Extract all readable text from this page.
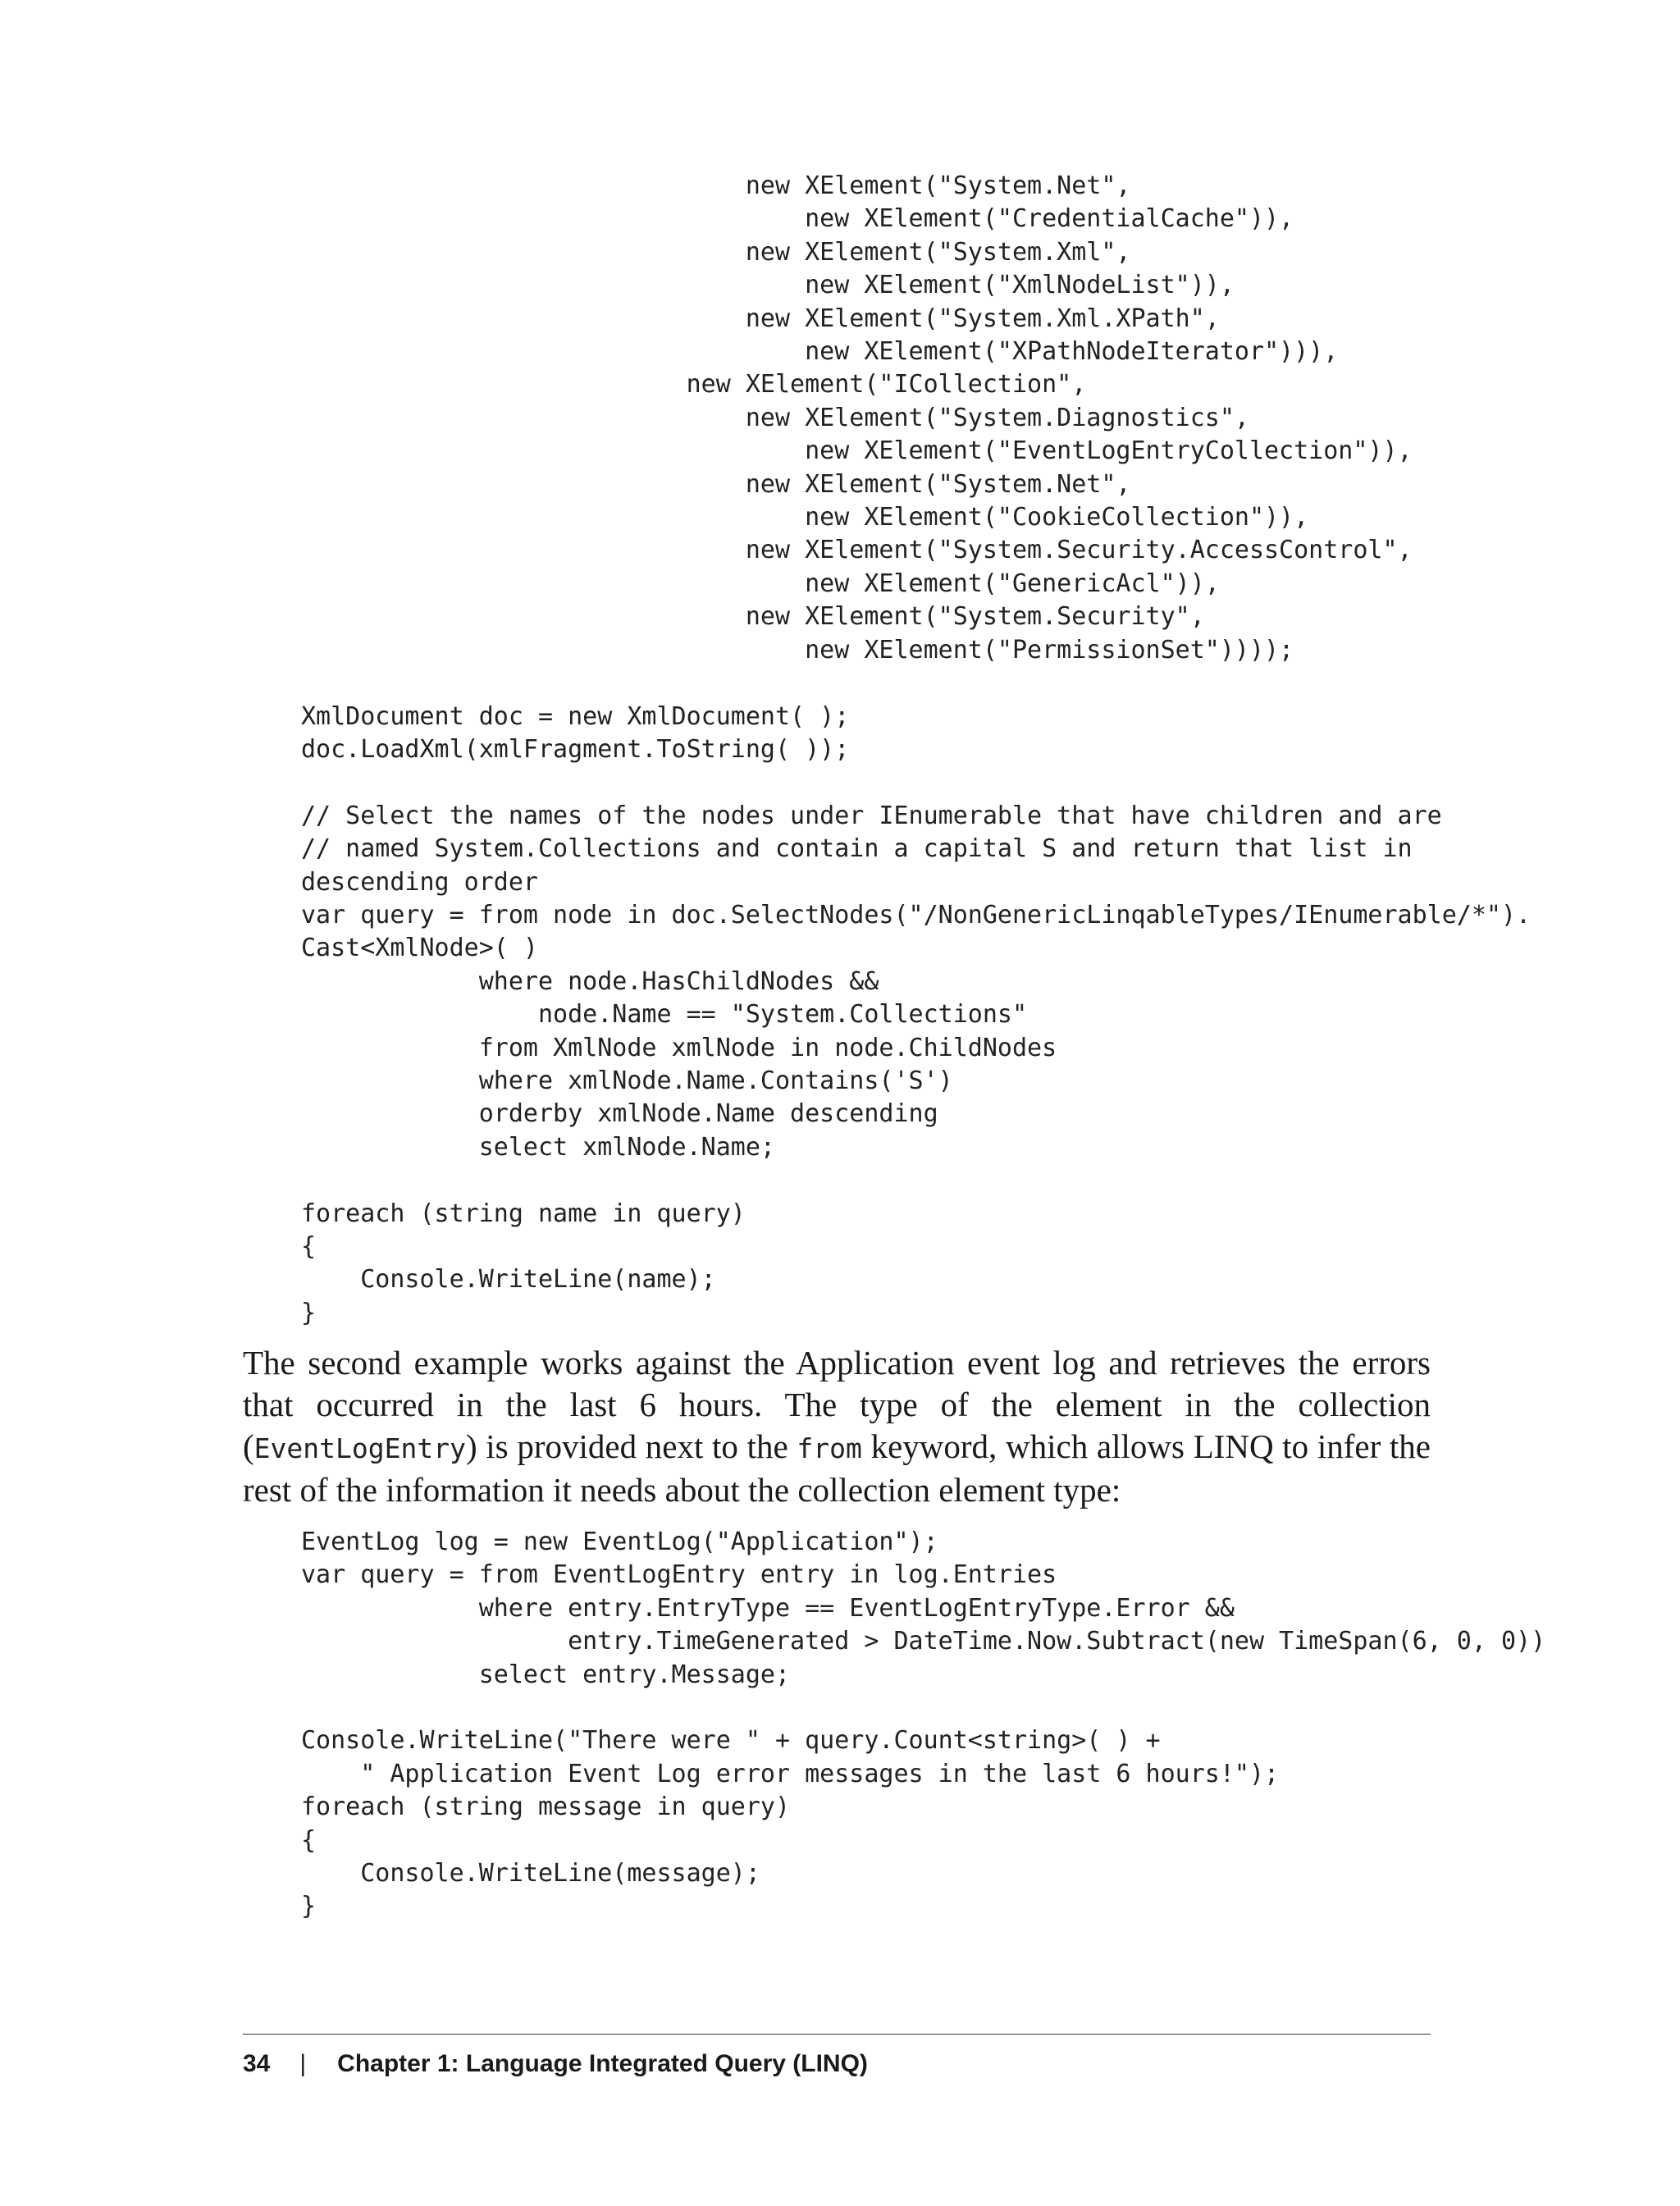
new XElement("System.Net",
new XElement("CredentialCache")),
new XElement("System.Xml",
new XElement("XmlNodeList")),
new XElement("System.Xml.XPath",
new XElement("XPathNodeIterator"))),
new XElement("ICollection",
new XElement("System.Diagnostics",
new XElement("EventLogEntryCollection")),
new XElement("System.Net",
new XElement("CookieCollection")),
new XElement("System.Security.AccessControl",
new XElement("GenericAcl")),
new XElement("System.Security",
new XElement("PermissionSet"))));

XmlDocument doc = new XmlDocument( );
doc.LoadXml(xmlFragment.ToString( ));

// Select the names of the nodes under IEnumerable that have children and are
// named System.Collections and contain a capital S and return that list in
descending order
var query = from node in doc.SelectNodes("/NonGenericLinqableTypes/IEnumerable/*").
Cast<XmlNode>( )
where node.HasChildNodes &&
node.Name == "System.Collections"
from XmlNode xmlNode in node.ChildNodes
where xmlNode.Name.Contains('S')
orderby xmlNode.Name descending
select xmlNode.Name;

foreach (string name in query)
{
Console.WriteLine(name);
}

The second example works against the Application event log and retrieves the errors that occurred in the last 6 hours. The type of the element in the collection (EventLogEntry) is provided next to the from keyword, which allows LINQ to infer the rest of the information it needs about the collection element type:

EventLog log = new EventLog("Application");
var query = from EventLogEntry entry in log.Entries
where entry.EntryType == EventLogEntryType.Error &&
entry.TimeGenerated > DateTime.Now.Subtract(new TimeSpan(6, 0, 0))
select entry.Message;

Console.WriteLine("There were " + query.Count<string>( ) +
" Application Event Log error messages in the last 6 hours!");
foreach (string message in query)
{
Console.WriteLine(message);
}
34 | Chapter 1: Language Integrated Query (LINQ)
